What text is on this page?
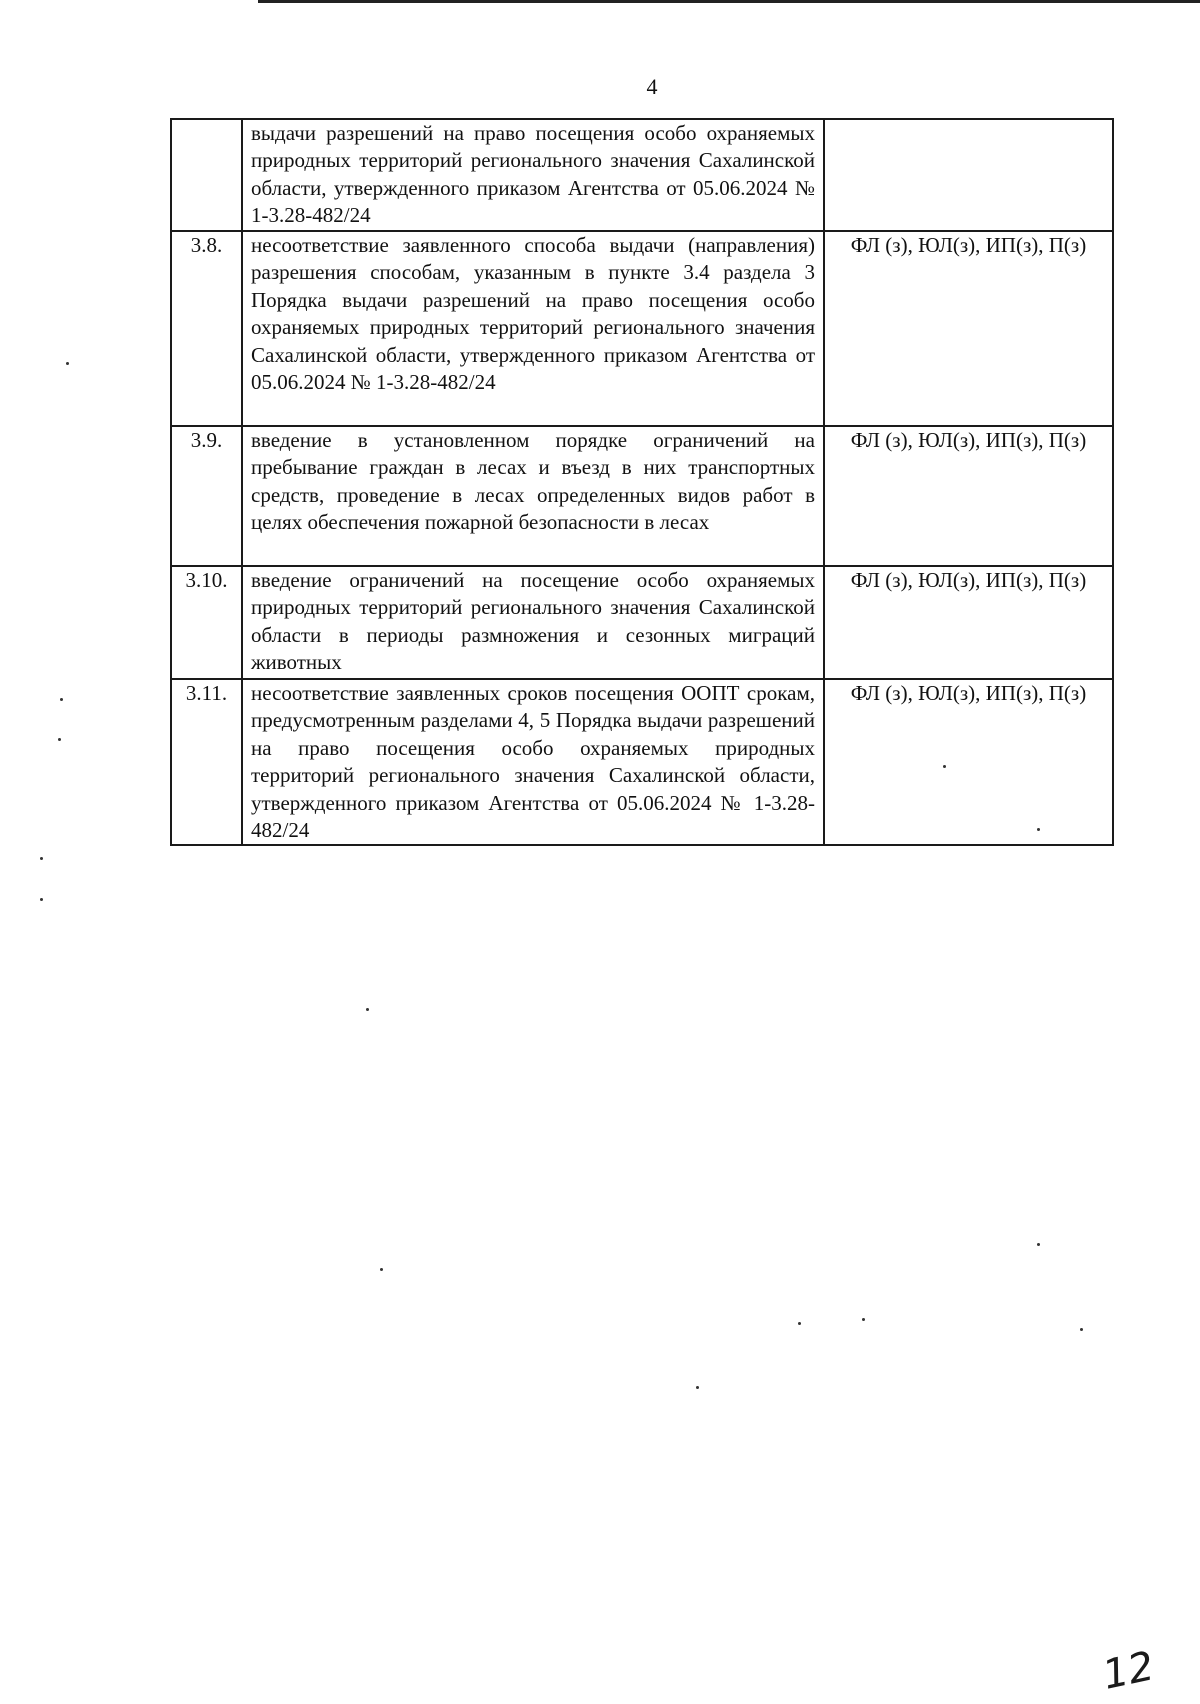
4
	выдачи разрешений на право посещения особо охраняемых природных территорий регионального значения Сахалинской области, утвержденного приказом Агентства от 05.06.2024 № 1-3.28-482/24	
3.8.	несоответствие заявленного способа выдачи (направления) разрешения способам, указанным в пункте 3.4 раздела 3 Порядка выдачи разрешений на право посещения особо охраняемых природных территорий регионального значения Сахалинской области, утвержденного приказом Агентства от 05.06.2024 № 1-3.28-482/24	ФЛ (з), ЮЛ(з), ИП(з), П(з)
3.9.	введение в установленном порядке ограничений на пребывание граждан в лесах и въезд в них транспортных средств, проведение в лесах определенных видов работ в целях обеспечения пожарной безопасности в лесах	ФЛ (з), ЮЛ(з), ИП(з), П(з)
3.10.	введение ограничений на посещение особо охраняемых природных территорий регионального значения Сахалинской области в периоды размножения и сезонных миграций животных	ФЛ (з), ЮЛ(з), ИП(з), П(з)
3.11.	несоответствие заявленных сроков посещения ООПТ срокам, предусмотренным разделами 4, 5 Порядка выдачи разрешений на право посещения особо охраняемых природных территорий регионального значения Сахалинской области, утвержденного приказом Агентства от 05.06.2024 № 1-3.28-482/24	ФЛ (з), ЮЛ(з), ИП(з), П(з)
12
